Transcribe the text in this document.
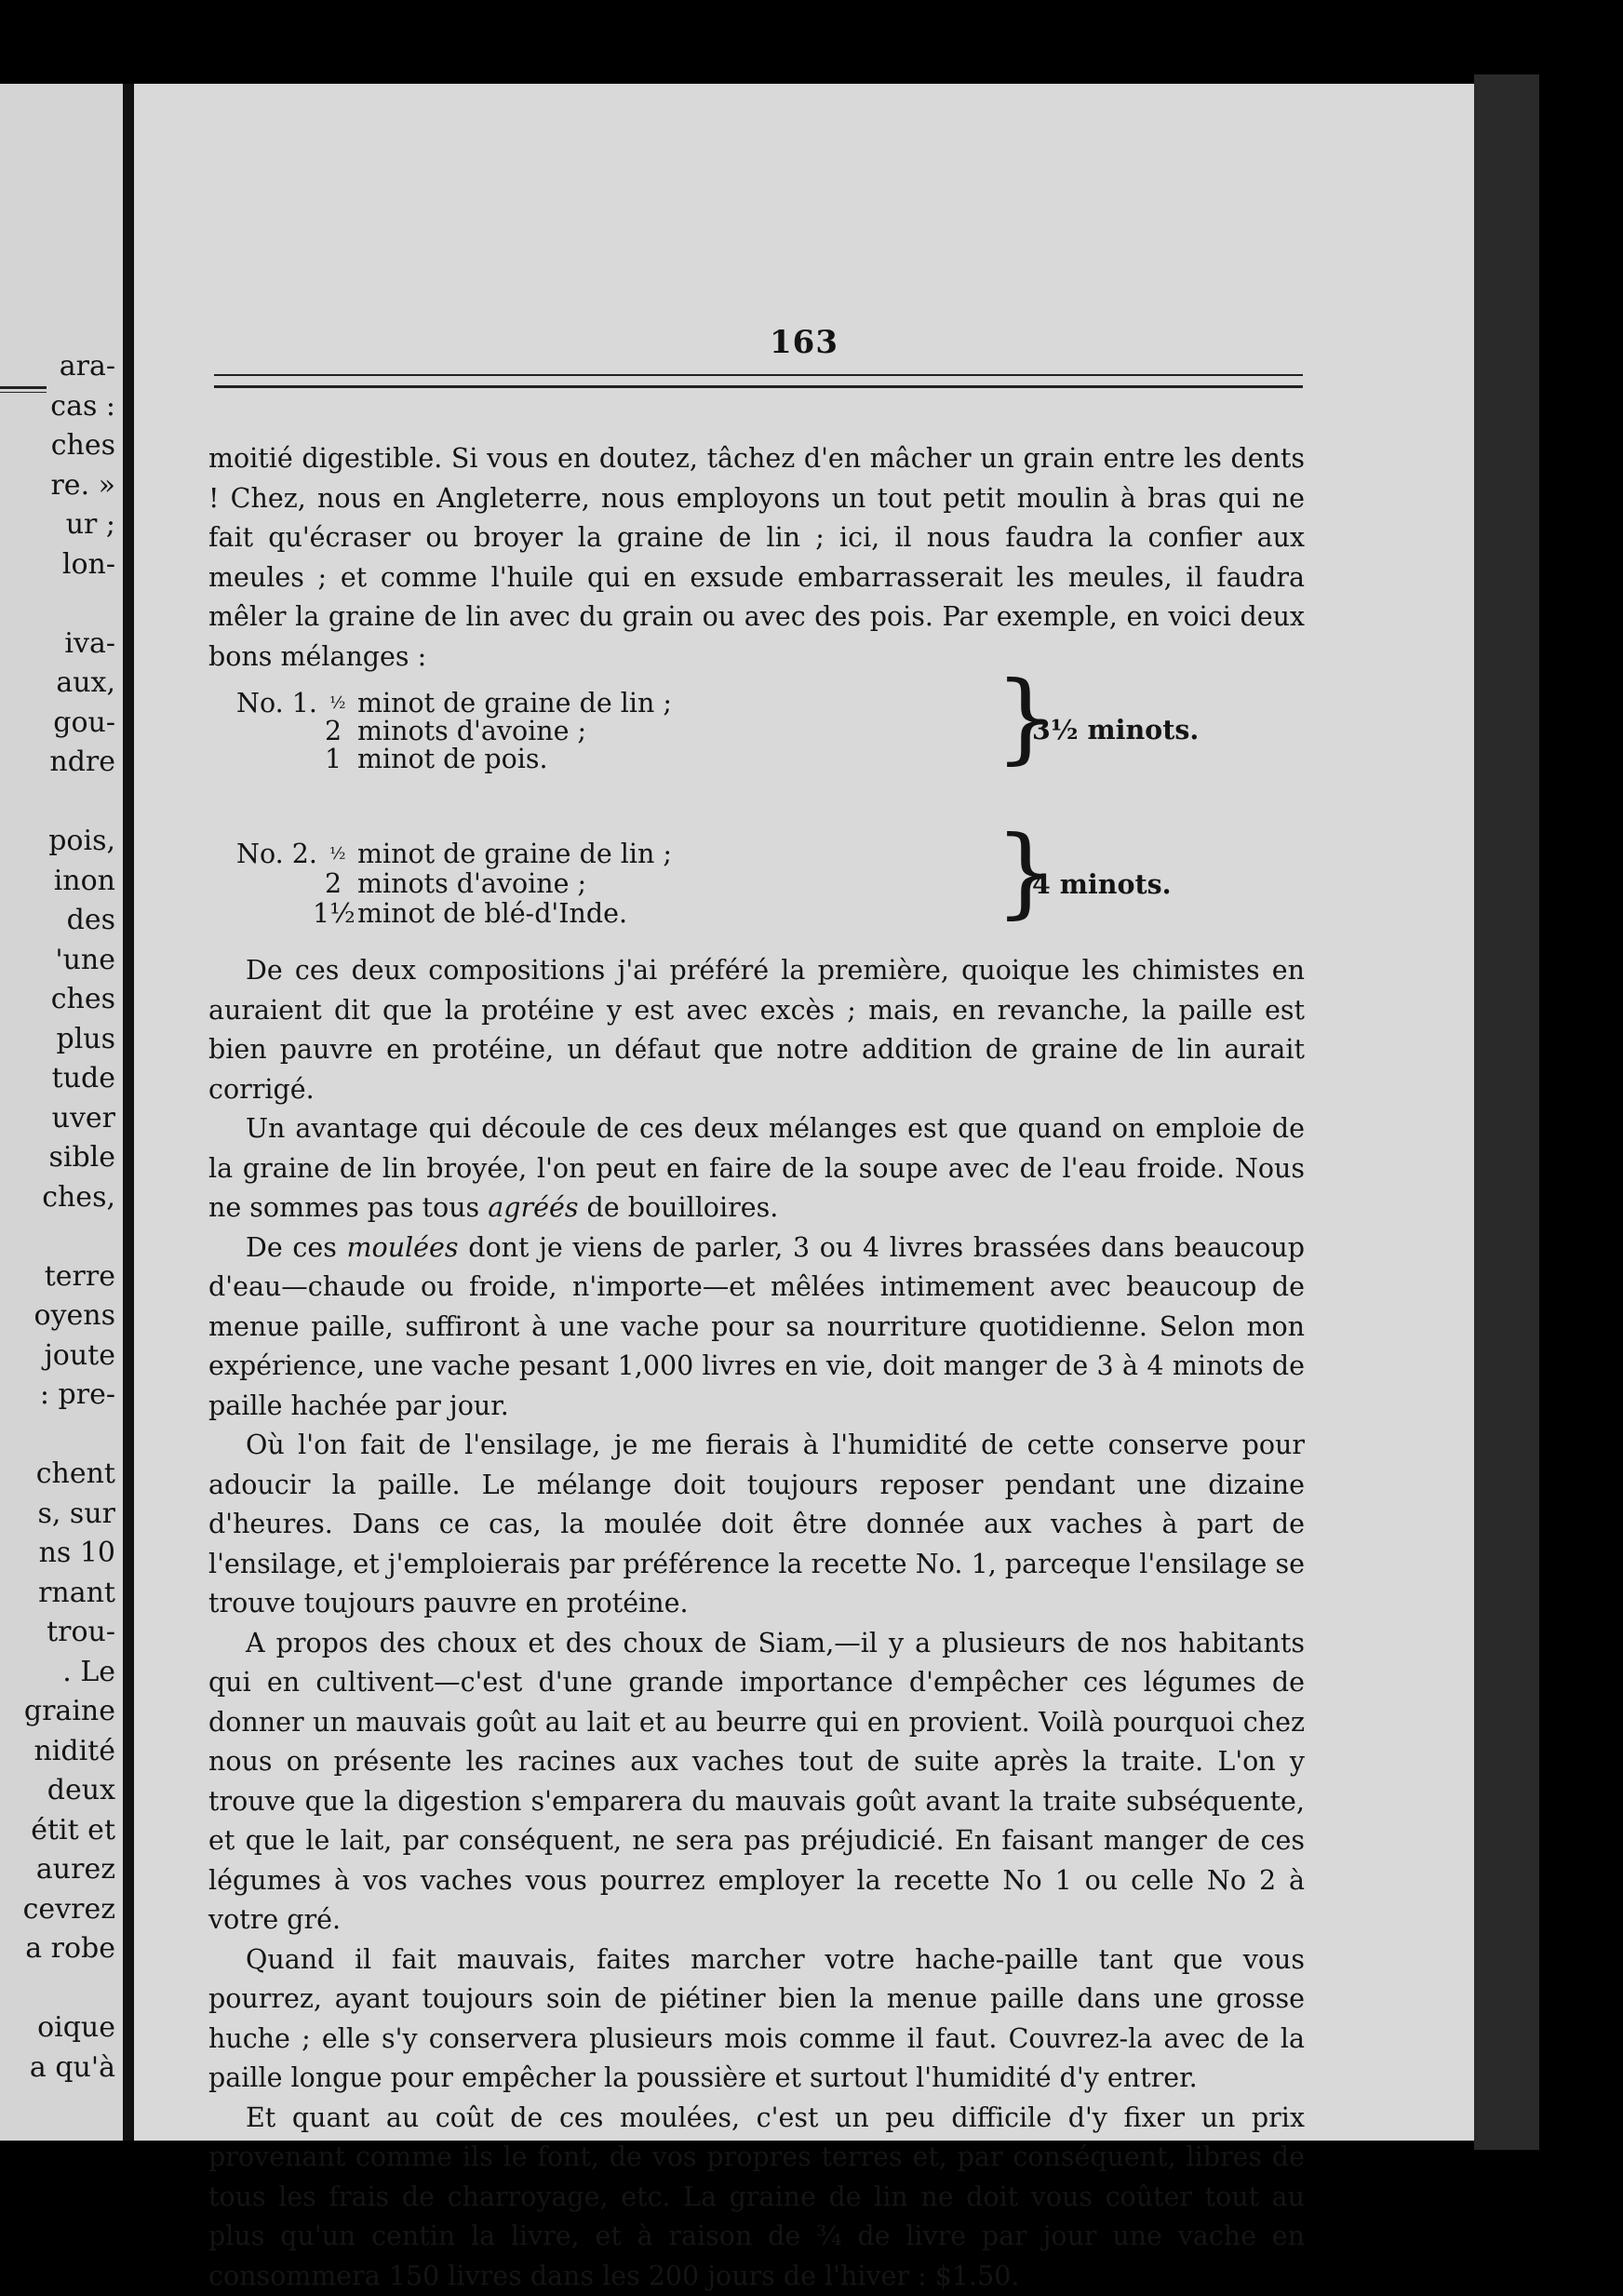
ara-
cas :
ches
re. »
ur ;
lon-
iva-
aux,
gou-
ndre
pois,
inon
des
'une
ches
plus
tude
uver
sible
ches,
terre
oyens
joute
: pre-
chent
s, sur
ns 10
rnant
trou-
. Le
graine
nidité
deux
étit et
aurez
cevrez
a robe
oique
a qu'à
163

moitié digestible. Si vous en doutez, tâchez d'en mâcher un grain entre les dents ! Chez, nous en Angleterre, nous employons un tout petit moulin à bras qui ne fait qu'écraser ou broyer la graine de lin ; ici, il nous faudra la confier aux meules ; et comme l'huile qui en exsude embarrasserait les meules, il faudra mêler la graine de lin avec du grain ou avec des pois. Par exemple, en voici deux bons mélanges :

No. 1. $^{\frac{1}{2}}$ minot de graine de lin ;
2 minots d'avoine ;
1 minot de pois.	}
3½ minots.
No. 2. $^{\frac{1}{2}}$ minot de graine de lin ;
2 minots d'avoine ;
1½ minot de blé-d'Inde.	}
4 minots.

De ces deux compositions j'ai préféré la première, quoique les chimistes en auraient dit que la protéine y est avec excès ; mais, en revanche, la paille est bien pauvre en protéine, un défaut que notre addition de graine de lin aurait corrigé.

Un avantage qui découle de ces deux mélanges est que quand on emploie de la graine de lin broyée, l'on peut en faire de la soupe avec de l'eau froide. Nous ne sommes pas tous agréés de bouilloires.

De ces moulées dont je viens de parler, 3 ou 4 livres brassées dans beaucoup d'eau—chaude ou froide, n'importe—et mêlées intimement avec beaucoup de menue paille, suffiront à une vache pour sa nourriture quotidienne. Selon mon expérience, une vache pesant 1,000 livres en vie, doit manger de 3 à 4 minots de paille hachée par jour.

Où l'on fait de l'ensilage, je me fierais à l'humidité de cette conserve pour adoucir la paille. Le mélange doit toujours reposer pendant une dizaine d'heures. Dans ce cas, la moulée doit être donnée aux vaches à part de l'ensilage, et j'emploierais par préférence la recette No. 1, parceque l'ensilage se trouve toujours pauvre en protéine.

A propos des choux et des choux de Siam,—il y a plusieurs de nos habitants qui en cultivent—c'est d'une grande importance d'empêcher ces légumes de donner un mauvais goût au lait et au beurre qui en provient. Voilà pourquoi chez nous on présente les racines aux vaches tout de suite après la traite. L'on y trouve que la digestion s'emparera du mauvais goût avant la traite subséquente, et que le lait, par conséquent, ne sera pas préjudicié. En faisant manger de ces légumes à vos vaches vous pourrez employer la recette No 1 ou celle No 2 à votre gré.

Quand il fait mauvais, faites marcher votre hache-paille tant que vous pourrez, ayant toujours soin de piétiner bien la menue paille dans une grosse huche ; elle s'y conservera plusieurs mois comme il faut. Couvrez-la avec de la paille longue pour empêcher la poussière et surtout l'humidité d'y entrer.

Et quant au coût de ces moulées, c'est un peu difficile d'y fixer un prix provenant comme ils le font, de vos propres terres et, par conséquent, libres de tous les frais de charroyage, etc. La graine de lin ne doit vous coûter tout au plus qu'un centin la livre, et à raison de ¾ de livre par jour une vache en consommera 150 livres dans les 200 jours de l'hiver : $1.50.
